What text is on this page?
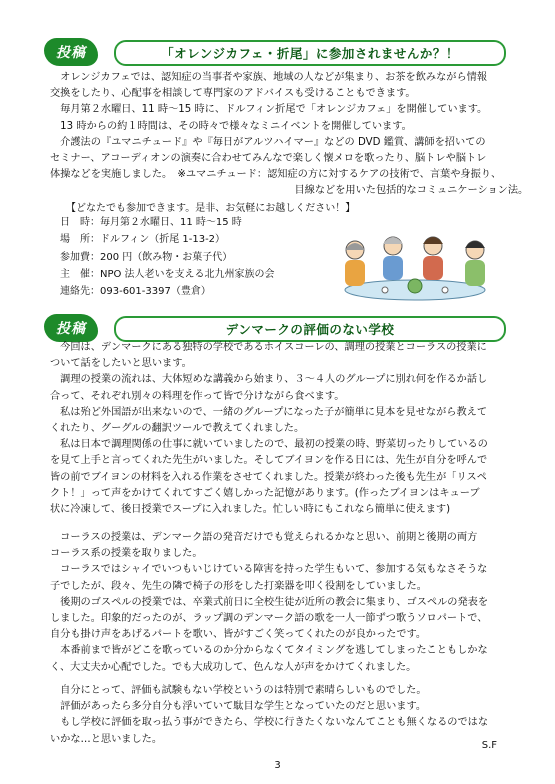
投稿	「オレンジカフェ・折尾」に参加されませんか？！
　オレンジカフェでは、認知症の当事者や家族、地域の人などが集まり、お茶を飲みながら情報
交換をしたり、心配事を相談して専門家のアドバイスも受けることもできます。
　毎月第２水曜日、11 時～15 時に、ドルフィン折尾で「オレンジカフェ」を開催しています。
　13 時からの約１時間は、その時々で様々なミニイベントを開催しています。
　介護法の『ユマニチュード』や『毎日がアルツハイマー』などの DVD 鑑賞、講師を招いての
セミナー、アコーディオンの演奏に合わせてみんなで楽しく懐メロを歌ったり、脳トレや脳トレ
体操などを実施しました。　※ユマニチュード：認知症の方に対するケアの技術で、言葉や身振り、
　　　　　　　　　　　　　　　　　　　　　　　　目線などを用いた包括的なコミュニケーション法。
【どなたでも参加できます。是非、お気軽にお越しください！】
日　時：毎月第２水曜日、11 時～15 時
場　所：ドルフィン（折尾 1-13-2）
参加費：200 円（飲み物・お菓子代）
主　催：NPO 法人老いを支える北九州家族の会
連絡先：093-601-3397（豊倉）
投稿	デンマークの評価のない学校
　今回は、デンマークにある独特の学校であるホイスコーレの、調理の授業とコーラスの授業に
ついて話をしたいと思います。
　調理の授業の流れは、大体短めな講義から始まり、３～４人のグループに別れ何を作るか話し
合って、それぞれ別々の料理を作って皆で分けながら食べます。
　私は殆ど外国語が出来ないので、一緒のグループになった子が簡単に見本を見せながら教えて
くれたり、グーグルの翻訳ツールで教えてくれました。
　私は日本で調理関係の仕事に就いていましたので、最初の授業の時、野菜切ったりしているの
を見て上手と言ってくれた先生がいました。そしてブイヨンを作る日には、先生が自分を呼んで
皆の前でブイヨンの材料を入れる作業をさせてくれました。授業が終わった後も先生が「リスペ
クト！」って声をかけてくれてすごく嬉しかった記憶があります。(作ったブイヨンはキューブ
状に冷凍して、後日授業でスープに入れました。忙しい時にもこれなら簡単に使えます)
　コーラスの授業は、デンマーク語の発音だけでも覚えられるかなと思い、前期と後期の両方
コーラス系の授業を取りました。
　コーラスではシャイでいつもいじけている障害を持った学生もいて、参加する気もなさそうな
子でしたが、段々、先生の隣で椅子の形をした打楽器を叩く役割をしていました。
　後期のゴスペルの授業では、卒業式前日に全校生徒が近所の教会に集まり、ゴスペルの発表を
しました。印象的だったのが、ラップ調のデンマーク語の歌を一人一節ずつ歌うソロパートで、
自分も掛け声をあげるパートを歌い、皆がすごく笑ってくれたのが良かったです。
　本番前まで皆がどこを歌っているのか分からなくてタイミングを逃してしまったこともしかな
く、大丈夫か心配でした。でも大成功して、色んな人が声をかけてくれました。
　自分にとって、評価も試験もない学校というのは特別で素晴らしいものでした。
　評価があったら多分自分も浮いていて駄目な学生となっていたのだと思います。
　もし学校に評価を取っ払う事ができたら、学校に行きたくないなんてことも無くなるのではな
いかな…と思いました。
S.F
3
